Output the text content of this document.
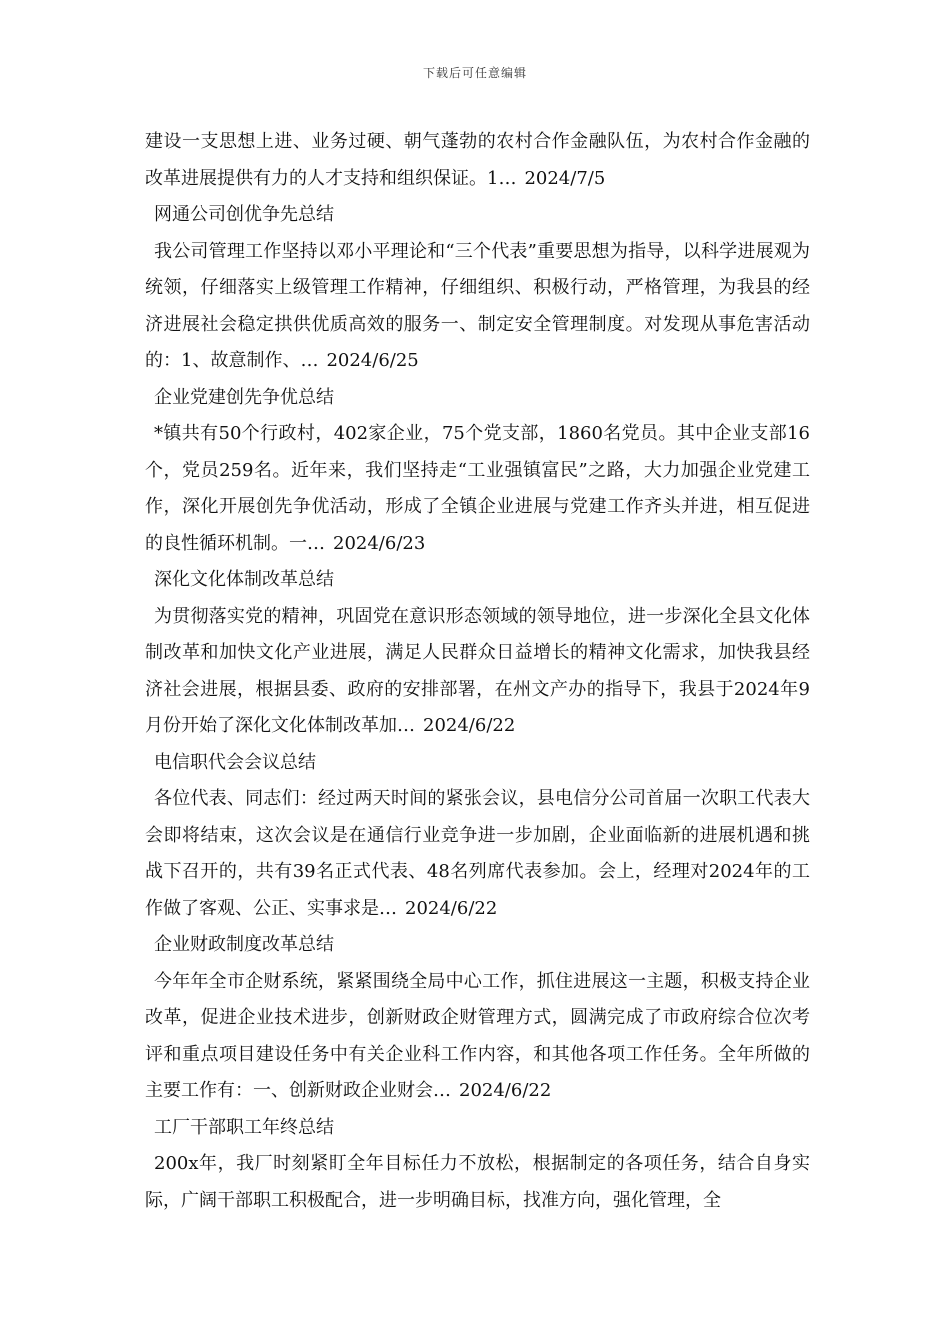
下载后可任意编辑

建设一支思想上进、业务过硬、朝气蓬勃的农村合作金融队伍，为农村合作金融的改革进展提供有力的人才支持和组织保证。1… 2024/7/5

网通公司创优争先总结

我公司管理工作坚持以邓小平理论和“三个代表”重要思想为指导，以科学进展观为统领，仔细落实上级管理工作精神，仔细组织、积极行动，严格管理，为我县的经济进展社会稳定拱供优质高效的服务一、制定安全管理制度。对发现从事危害活动的：1、故意制作、… 2024/6/25

企业党建创先争优总结

*镇共有50个行政村，402家企业，75个党支部，1860名党员。其中企业支部16个，党员259名。近年来，我们坚持走“工业强镇富民”之路，大力加强企业党建工作，深化开展创先争优活动，形成了全镇企业进展与党建工作齐头并进，相互促进的良性循环机制。一… 2024/6/23

深化文化体制改革总结

为贯彻落实党的精神，巩固党在意识形态领域的领导地位，进一步深化全县文化体制改革和加快文化产业进展，满足人民群众日益增长的精神文化需求，加快我县经济社会进展，根据县委、政府的安排部署，在州文产办的指导下，我县于2024年9月份开始了深化文化体制改革加… 2024/6/22

电信职代会会议总结

各位代表、同志们：经过两天时间的紧张会议，县电信分公司首届一次职工代表大会即将结束，这次会议是在通信行业竞争进一步加剧，企业面临新的进展机遇和挑战下召开的，共有39名正式代表、48名列席代表参加。会上，经理对2024年的工作做了客观、公正、实事求是… 2024/6/22

企业财政制度改革总结

今年年全市企财系统，紧紧围绕全局中心工作，抓住进展这一主题，积极支持企业改革，促进企业技术进步，创新财政企财管理方式，圆满完成了市政府综合位次考评和重点项目建设任务中有关企业科工作内容，和其他各项工作任务。全年所做的主要工作有：一、创新财政企业财会… 2024/6/22

工厂干部职工年终总结

200x年，我厂时刻紧盯全年目标任力不放松，根据制定的各项任务，结合自身实际，广阔干部职工积极配合，进一步明确目标，找准方向，强化管理，全
